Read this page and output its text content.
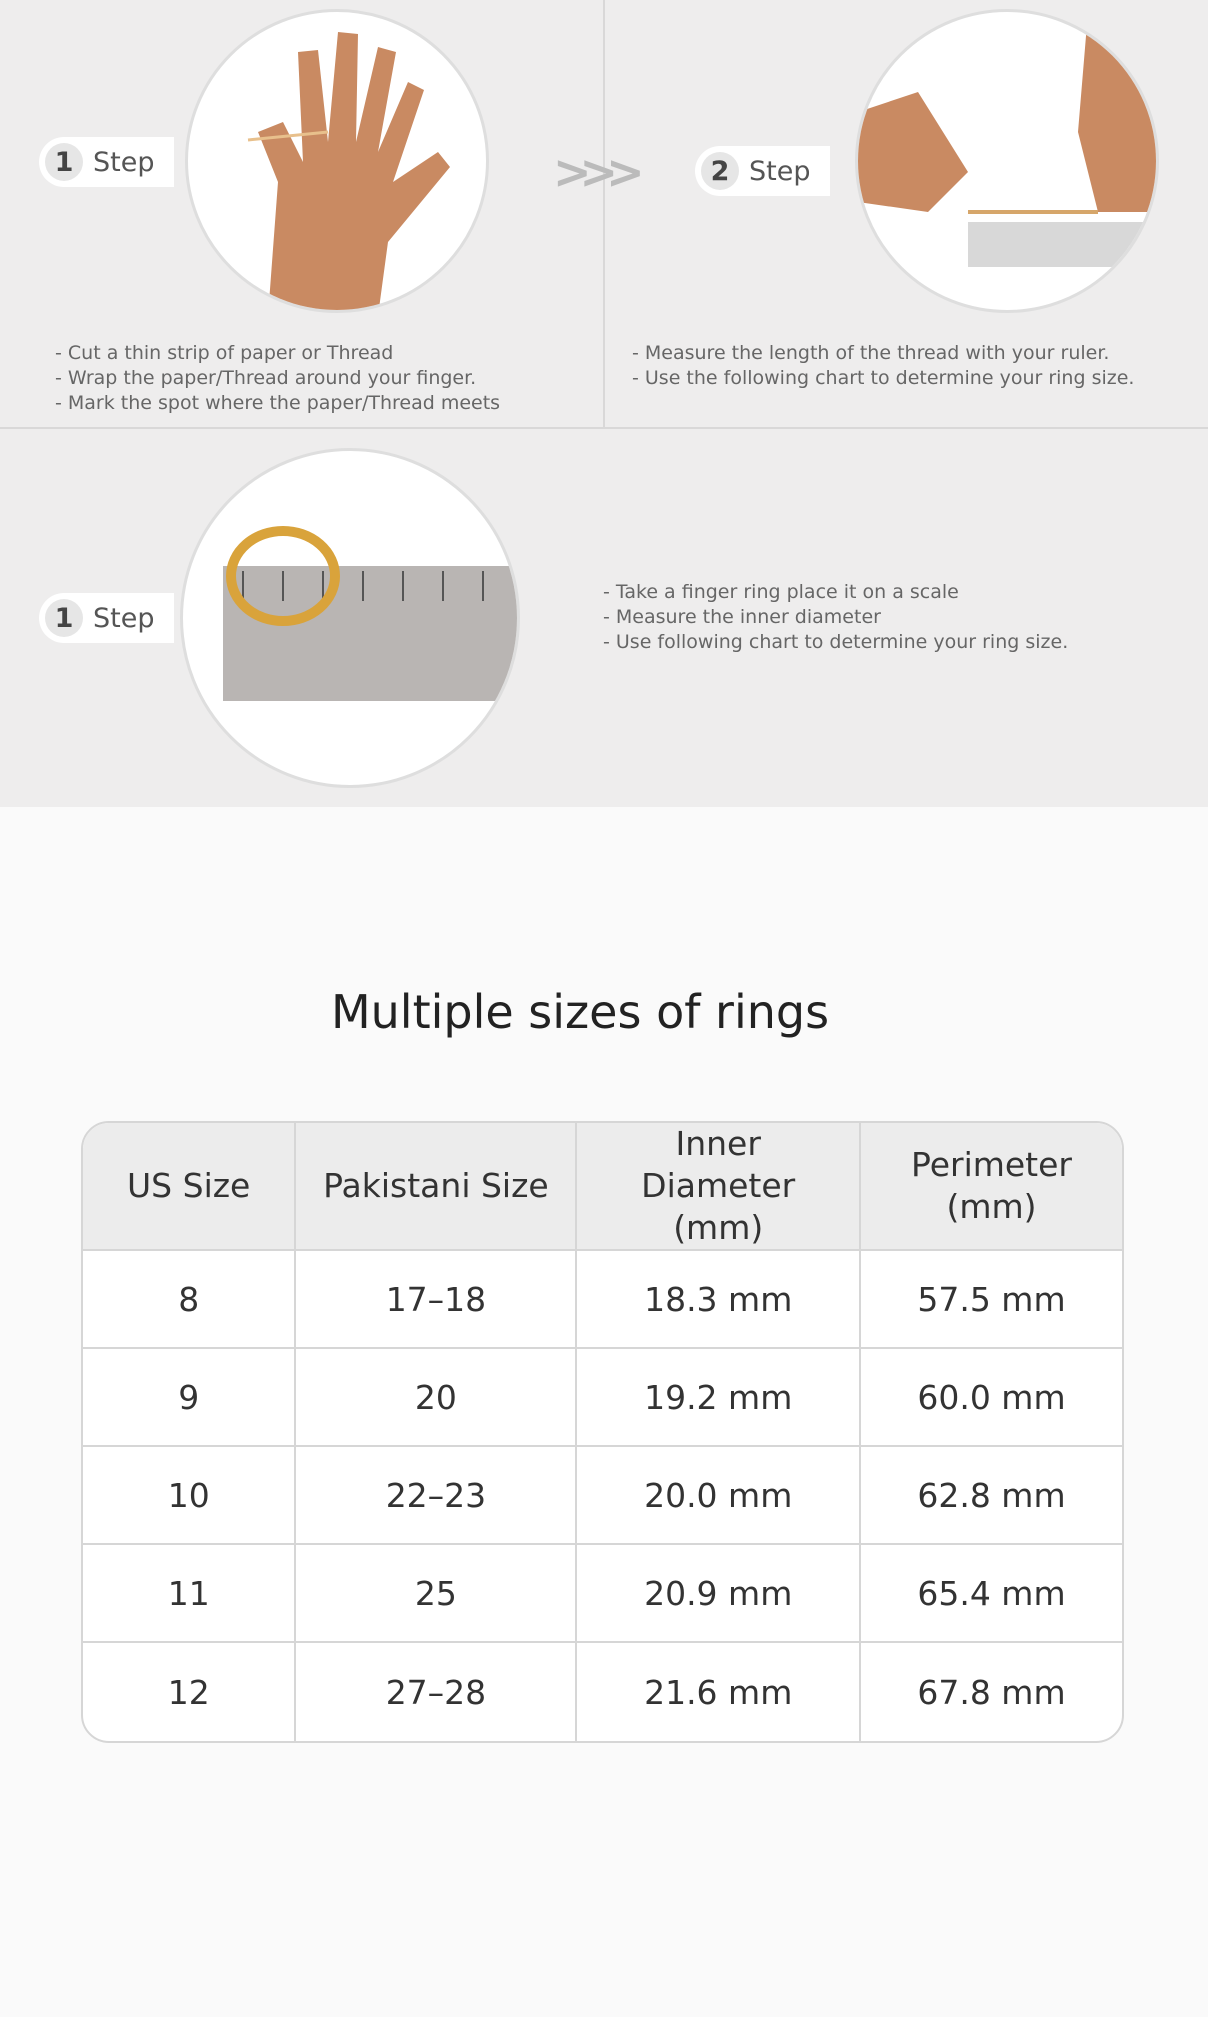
1 Step	>>>	2 Step
- Cut a thin strip of paper or Thread
- Wrap the paper/Thread around your finger.
- Mark the spot where the paper/Thread meets
- Measure the length of the thread with your ruler.
- Use the following chart to determine your ring size.
1 Step
- Take a finger ring place it on a scale
- Measure the inner diameter
- Use following chart to determine your ring size.
Multiple sizes of rings
US Size	Pakistani Size	Inner Diameter (mm)	Perimeter (mm)
8	17–18	18.3 mm	57.5 mm
9	20	19.2 mm	60.0 mm
10	22–23	20.0 mm	62.8 mm
11	25	20.9 mm	65.4 mm
12	27–28	21.6 mm	67.8 mm
